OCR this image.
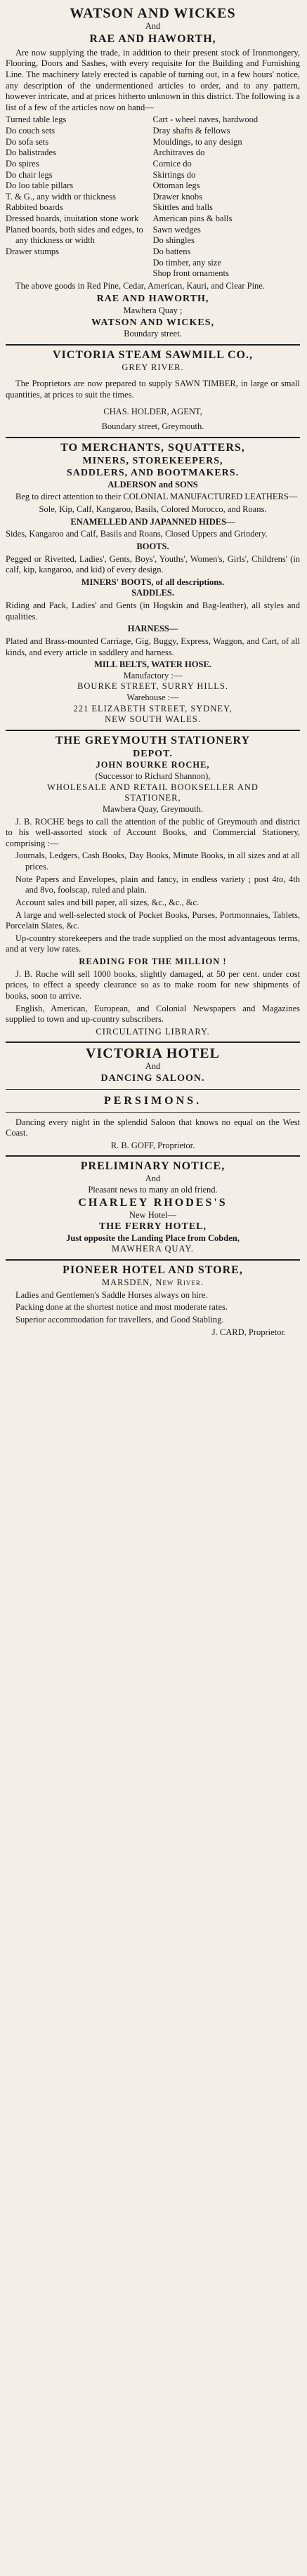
WATSON AND WICKES
And
RAE AND HAWORTH,

Are now supplying the trade, in addition to their present stock of Ironmongery, Flooring, Doors and Sashes, with every requisite for the Building and Furnishing Line. The machinery lately erected is capable of turning out, in a few hours' notice, any description of the undermentioned articles to order, and to any pattern, however intricate, and at prices hitherto unknown in this district. The following is a list of a few of the articles now on hand—

Turned table legs
Do couch sets
Do sofa sets
Do balistrades
Do spires
Do chair legs
Do loo table pillars
T. & G., any width or thickness
Rabbited boards
Dressed boards, inuitation stone work
Planed boards, both sides and edges, to any thickness or width
Drawer stumps
Cart - wheel naves, hardwood
Dray shafts & fellows
Mouldings, to any design
Architraves do
Cornice do
Skirtings do
Ottoman legs
Drawer knobs
Skittles and balls
American pins & balls
Sawn wedges
Do shingles
Do battens
Do timber, any size
Shop front ornaments

The above goods in Red Pine, Cedar, American, Kauri, and Clear Pine.

RAE AND HAWORTH,
Mawhera Quay ;
WATSON AND WICKES,
Boundary street.
VICTORIA STEAM SAWMILL CO.,
GREY RIVER.

The Proprietors are now prepared to supply SAWN TIMBER, in large or small quantities, at prices to suit the times.

CHAS. HOLDER, AGENT,
Boundary street, Greymouth.
TO MERCHANTS, SQUATTERS,
MINERS, STOREKEEPERS,
SADDLERS, AND BOOTMAKERS.
ALDERSON and SONS

Beg to direct attention to their COLONIAL MANUFACTURED LEATHERS—

Sole, Kip, Calf, Kangaroo, Basils, Colored Morocco, and Roans.

ENAMELLED AND JAPANNED HIDES—

Sides, Kangaroo and Calf, Basils and Roans, Closed Uppers and Grindery.

BOOTS.

Pegged or Rivetted, Ladies', Gents, Boys', Youths', Women's, Girls', Childrens' (in calf, kip, kangaroo, and kid) of every design.

MINERS' BOOTS, of all descriptions.
SADDLES.

Riding and Pack, Ladies' and Gents (in Hogskin and Bag-leather), all styles and qualities.

HARNESS—

Plated and Brass-mounted Carriage, Gig, Buggy, Express, Waggon, and Cart, of all kinds, and every article in saddlery and harness.

MILL BELTS, WATER HOSE.
Manufactory :—
BOURKE STREET, SURRY HILLS.
Warehouse :—
221 ELIZABETH STREET, SYDNEY,
NEW SOUTH WALES.
THE GREYMOUTH STATIONERY
DEPOT.
JOHN BOURKE ROCHE,
(Successor to Richard Shannon),
WHOLESALE AND RETAIL BOOKSELLER AND
STATIONER,
Mawhera Quay, Greymouth.

J. B. ROCHE begs to call the attention of the public of Greymouth and district to his well-assorted stock of Account Books, and Commercial Stationery, comprising :—

Journals, Ledgers, Cash Books, Day Books, Minute Books, in all sizes and at all prices.

Note Papers and Envelopes, plain and fancy, in endless variety ; post 4to, 4th and 8vo, foolscap, ruled and plain.

Account sales and bill paper, all sizes, &c., &c., &c.

A large and well-selected stock of Pocket Books, Purses, Portmonnaies, Tablets, Porcelain Slates, &c.

Up-country storekeepers and the trade supplied on the most advantageous terms, and at very low rates.

READING FOR THE MILLION !

J. B. Roche will sell 1000 books, slightly damaged, at 50 per cent. under cost prices, to effect a speedy clearance so as to make room for new shipments of books, soon to arrive.

English, American, European, and Colonial Newspapers and Magazines supplied to town and up-country subscribers.

CIRCULATING LIBRARY.
VICTORIA HOTEL
And
DANCING SALOON.
PERSIMONS.

Dancing every night in the splendid Saloon that knows no equal on the West Coast.

R. B. GOFF, Proprietor.
PRELIMINARY NOTICE,
And
Pleasant news to many an old friend.
CHARLEY RHODES'S
New Hotel—
THE FERRY HOTEL,
Just opposite the Landing Place from Cobden,
MAWHERA QUAY.
PIONEER HOTEL AND STORE,
MARSDEN, New River.

Ladies and Gentlemen's Saddle Horses always on hire.

Packing done at the shortest notice and most moderate rates.

Superior accommodation for travellers, and Good Stabling.

J. CARD, Proprietor.
